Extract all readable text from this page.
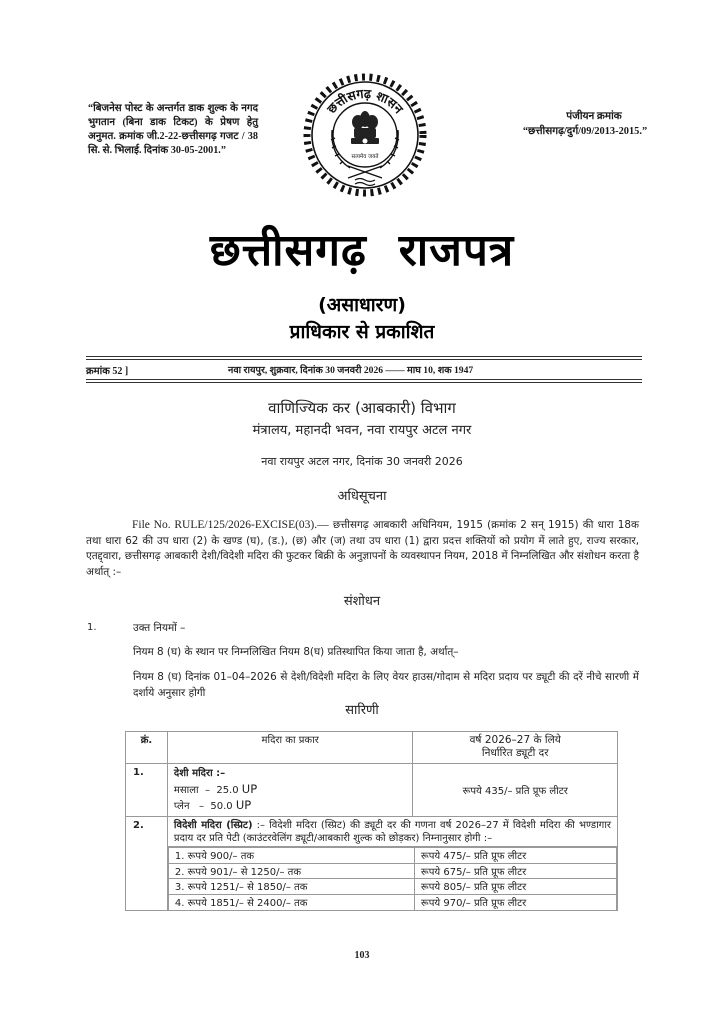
“बिजनेस पोस्ट के अन्तर्गत डाक शुल्क के नगद भुगतान (बिना डाक टिकट) के प्रेषण हेतु अनुमत. क्रमांक जी.2-22-छत्तीसगढ़ गजट / 38 सि. से. भिलाई. दिनांक 30-05-2001.”
पंजीयन क्रमांक
“छत्तीसगढ़/दुर्ग/09/2013-2015.”
छत्तीसगढ़ शासन
सत्यमेव जयते
छत्तीसगढ़ राजपत्र
(असाधारण)
प्राधिकार से प्रकाशित
क्रमांक 52 ]	नवा रायपुर, शुक्रवार, दिनांक 30 जनवरी 2026 —— माघ 10, शक 1947
वाणिज्यिक कर (आबकारी) विभाग
मंत्रालय, महानदी भवन, नवा रायपुर अटल नगर
नवा रायपुर अटल नगर, दिनांक 30 जनवरी 2026
अधिसूचना
File No. RULE/125/2026-EXCISE(03).— छत्तीसगढ़ आबकारी अधिनियम, 1915 (क्रमांक 2 सन् 1915) की धारा 18क तथा धारा 62 की उप धारा (2) के खण्ड (घ), (ड.), (छ) और (ज) तथा उप धारा (1) द्वारा प्रदत्त शक्तियों को प्रयोग में लाते हुए, राज्य सरकार, एतद्द्वारा, छत्तीसगढ़ आबकारी देशी/विदेशी मदिरा की फुटकर बिक्री के अनुज्ञापनों के व्यवस्थापन नियम, 2018 में निम्नलिखित और संशोधन करता है अर्थात् :–
संशोधन
1.	उक्त नियमों –
नियम 8 (घ) के स्थान पर निम्नलिखित नियम 8(घ) प्रतिस्थापित किया जाता है, अर्थात्–
नियम 8 (घ) दिनांक 01–04–2026 से देशी/विदेशी मदिरा के लिए वेयर हाउस/गोदाम से मदिरा प्रदाय पर ड्यूटी की दरें नीचे सारणी में दर्शाये अनुसार होगी
सारिणी
क्रं.	मदिरा का प्रकार	वर्ष 2026–27 के लिये
निर्धारित ड्यूटी दर

1.	देशी मदिरा :–
मसाला  –  25.0 UP
प्लेन   –  50.0 UP
	रूपये 435/– प्रति प्रूफ लीटर
2.	विदेशी मदिरा (स्प्रिट) :– विदेशी मदिरा (स्प्रिट) की ड्यूटी दर की गणना वर्ष 2026–27 में विदेशी मदिरा की भण्डागार प्रदाय दर प्रति पेटी (काउंटरवेलिंग ड्यूटी/आबकारी शुल्क को छोड़कर) निम्नानुसार होगी :–
1. रूपये 900/– तक	रूपये 475/– प्रति प्रूफ लीटर
2. रूपये 901/– से 1250/– तक	रूपये 675/– प्रति प्रूफ लीटर
3. रूपये 1251/– से 1850/– तक	रूपये 805/– प्रति प्रूफ लीटर
4. रूपये 1851/– से 2400/– तक	रूपये 970/– प्रति प्रूफ लीटर
103
